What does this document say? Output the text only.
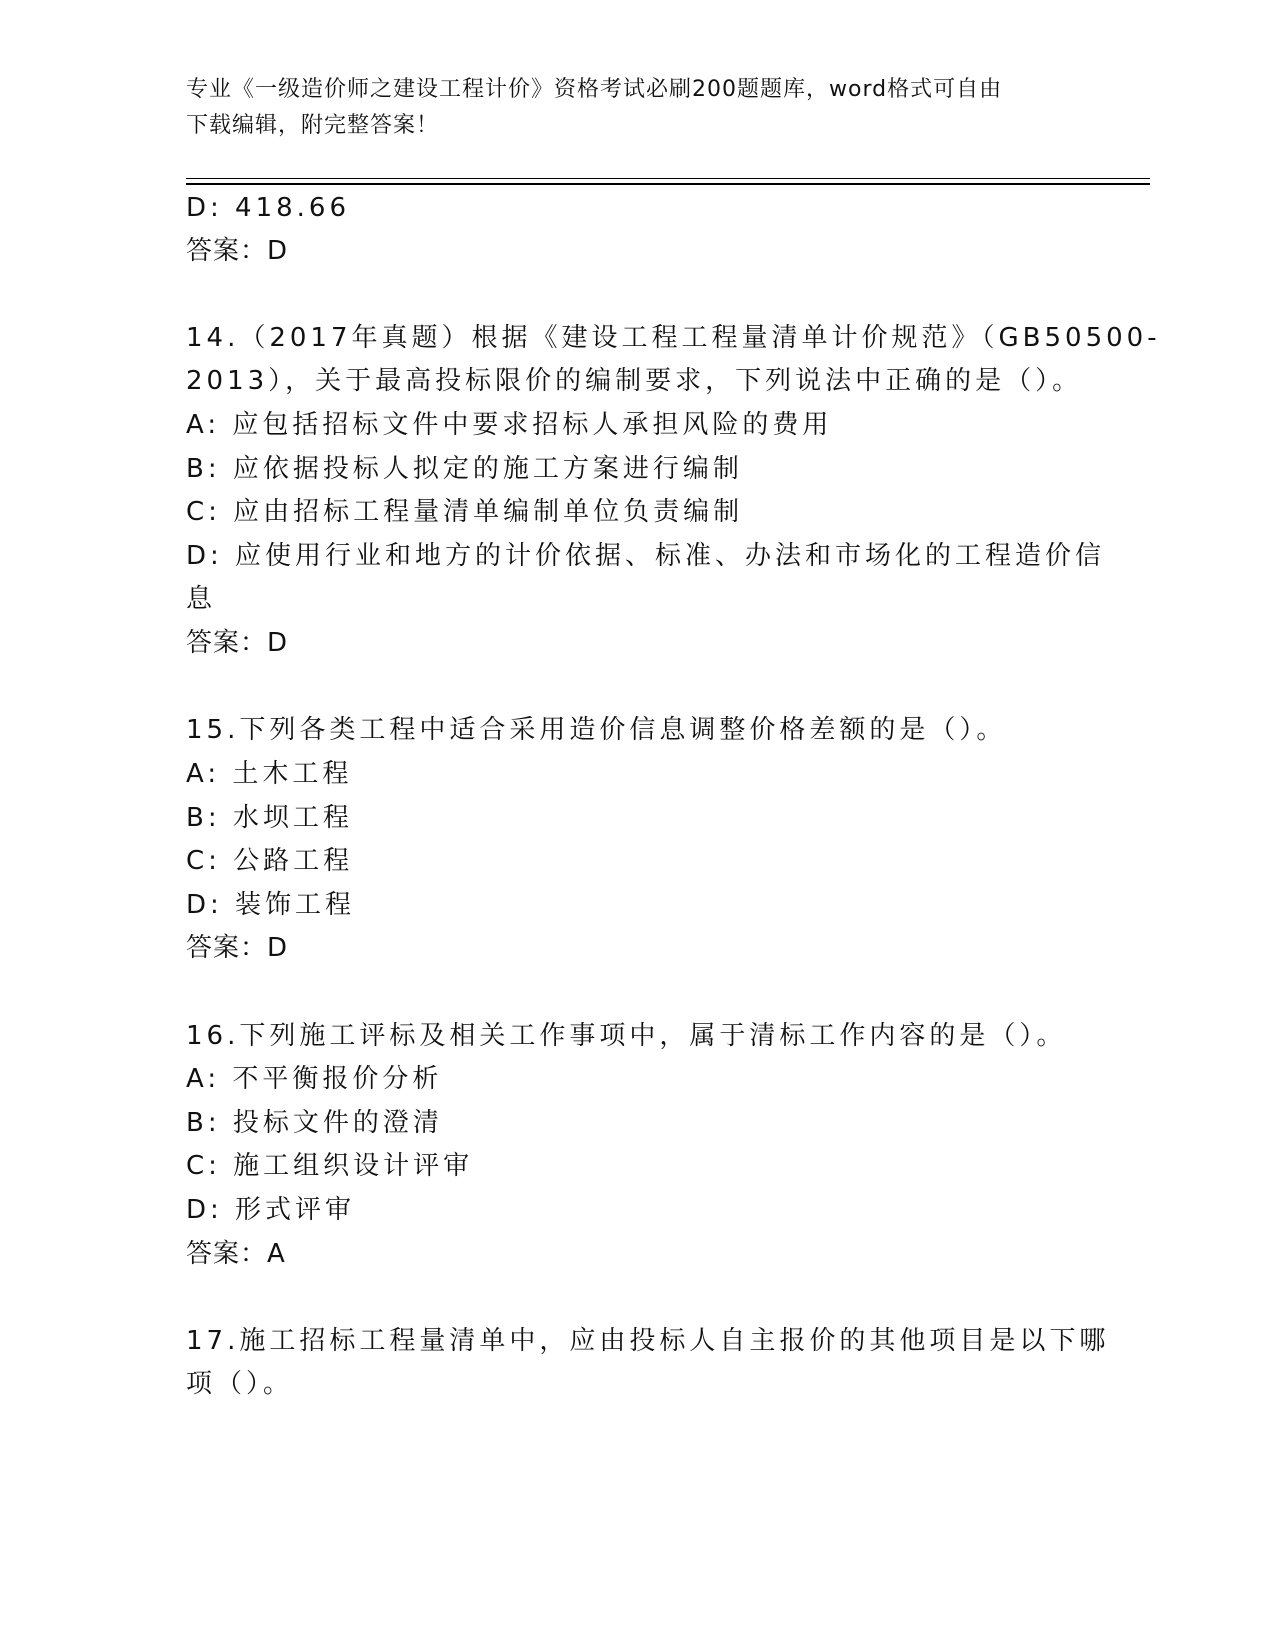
专业《一级造价师之建设工程计价》资格考试必刷200题题库，word格式可自由
下载编辑，附完整答案！
D: 418.66
答案：D
14.（2017年真题）根据《建设工程工程量清单计价规范》（GB50500-
2013），关于最高投标限价的编制要求，下列说法中正确的是（）。
A: 应包括招标文件中要求招标人承担风险的费用
B: 应依据投标人拟定的施工方案进行编制
C: 应由招标工程量清单编制单位负责编制
D: 应使用行业和地方的计价依据、标准、办法和市场化的工程造价信
息
答案：D
15.下列各类工程中适合采用造价信息调整价格差额的是（）。
A: 土木工程
B: 水坝工程
C: 公路工程
D: 装饰工程
答案：D
16.下列施工评标及相关工作事项中，属于清标工作内容的是（）。
A: 不平衡报价分析
B: 投标文件的澄清
C: 施工组织设计评审
D: 形式评审
答案：A
17.施工招标工程量清单中，应由投标人自主报价的其他项目是以下哪
项（）。
